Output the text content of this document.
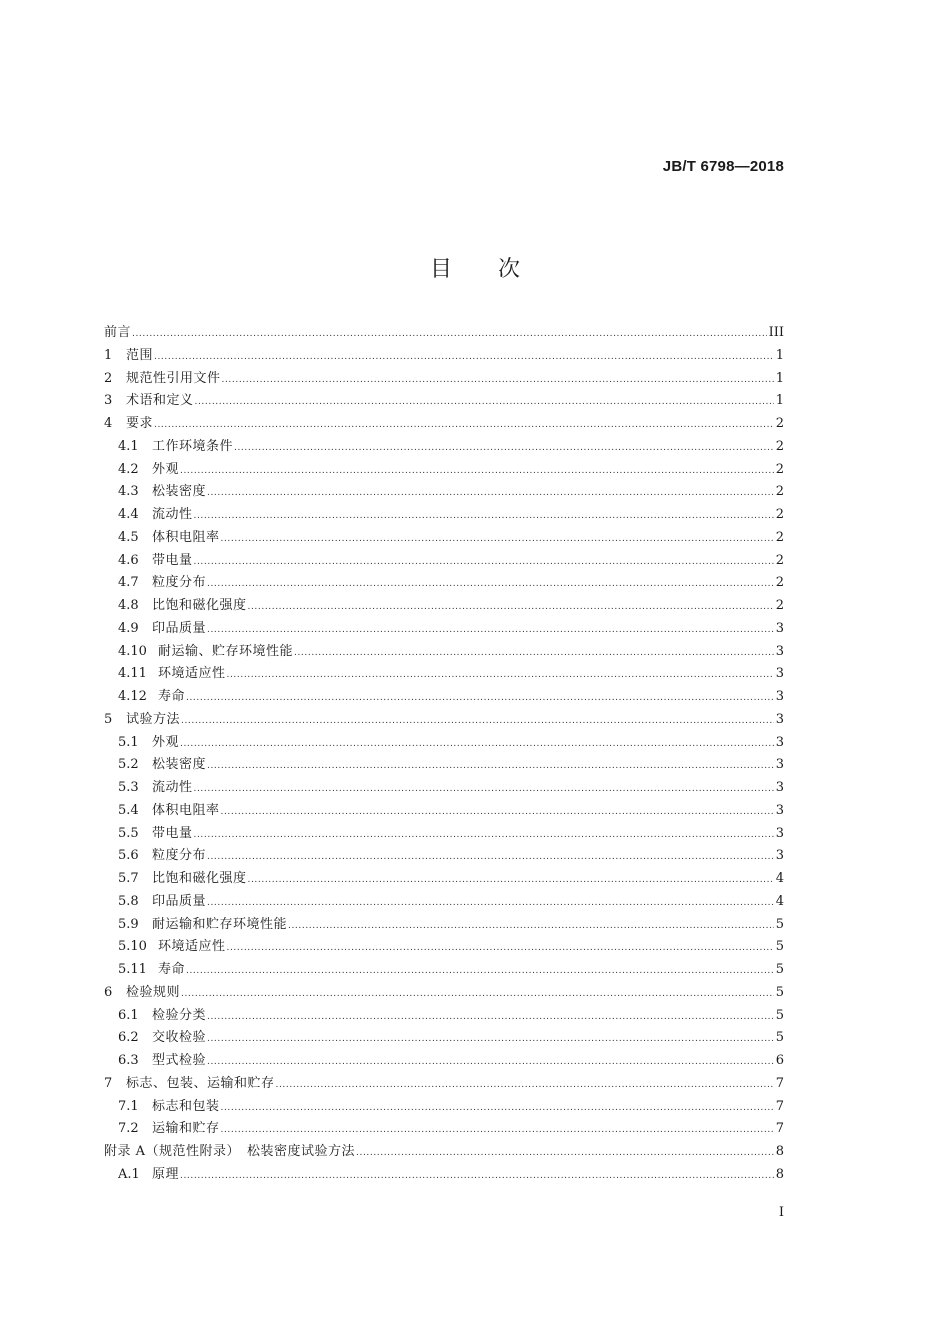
JB/T 6798—2018
目 次
前言 .....	III
1	范围 .....	1
2	规范性引用文件 .....	1
3	术语和定义 .....	1
4	要求 .....	2
4.1	工作环境条件 .....	2
4.2	外观 .....	2
4.3	松装密度 .....	2
4.4	流动性 .....	2
4.5	体积电阻率 .....	2
4.6	带电量 .....	2
4.7	粒度分布 .....	2
4.8	比饱和磁化强度 .....	2
4.9	印品质量 .....	3
4.10 耐运输、贮存环境性能 .....	3
4.11 环境适应性 .....	3
4.12 寿命 .....	3
5	试验方法 .....	3
5.1	外观 .....	3
5.2	松装密度 .....	3
5.3	流动性 .....	3
5.4	体积电阻率 .....	3
5.5	带电量 .....	3
5.6	粒度分布 .....	3
5.7	比饱和磁化强度 .....	4
5.8	印品质量 .....	4
5.9	耐运输和贮存环境性能 .....	5
5.10 环境适应性 .....	5
5.11 寿命 .....	5
6	检验规则 .....	5
6.1	检验分类 .....	5
6.2	交收检验 .....	5
6.3	型式检验 .....	6
7	标志、包装、运输和贮存 .....	7
7.1	标志和包装 .....	7
7.2	运输和贮存 .....	7
附录 A（规范性附录）　松装密度试验方法 .....	8
A.1 原理 .....	8
I
